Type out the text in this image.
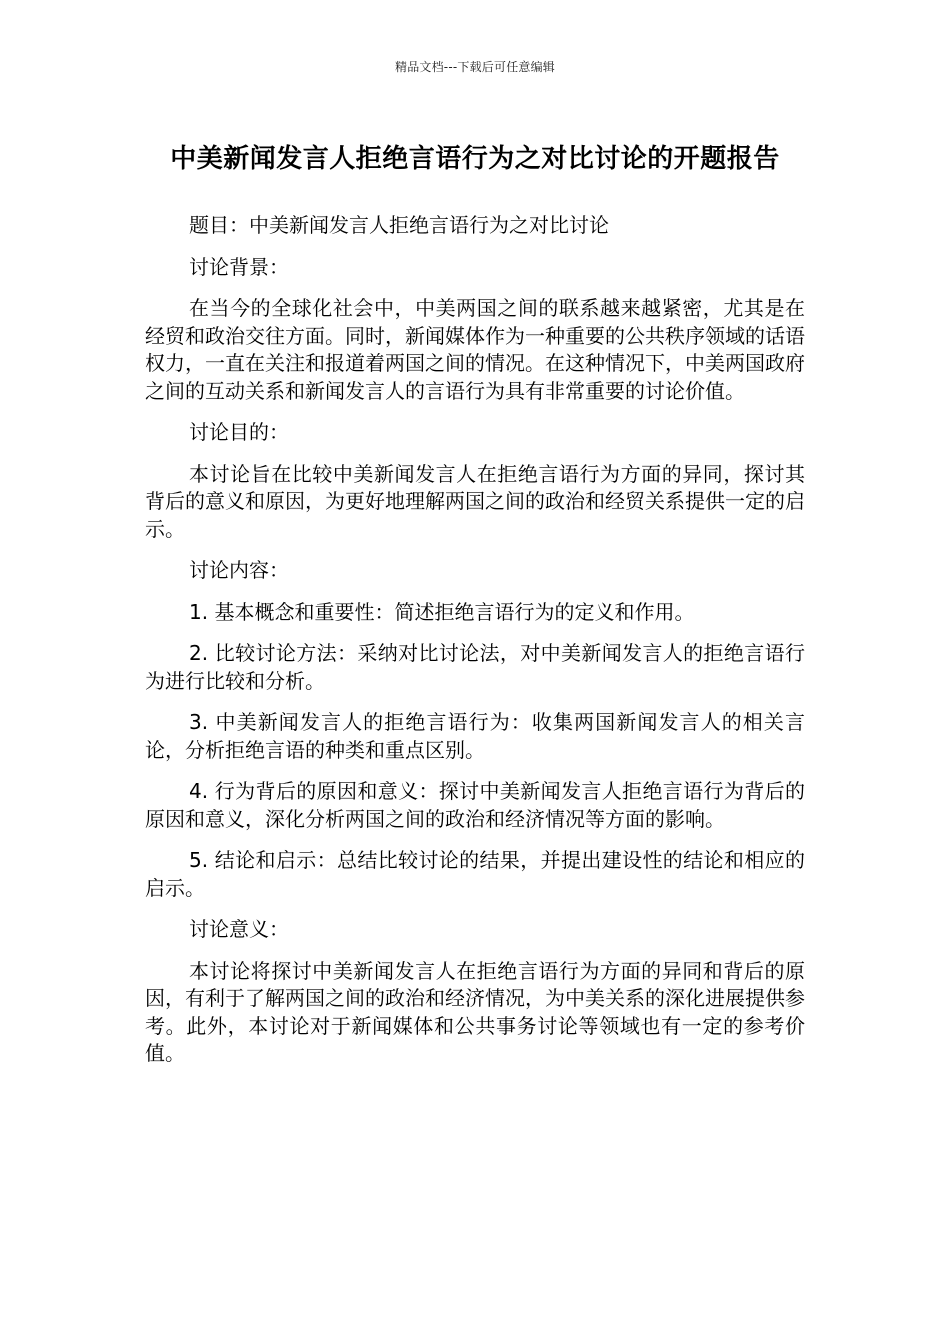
精品文档---下载后可任意编辑
中美新闻发言人拒绝言语行为之对比讨论的开题报告

题目：中美新闻发言人拒绝言语行为之对比讨论

讨论背景：

在当今的全球化社会中，中美两国之间的联系越来越紧密，尤其是在经贸和政治交往方面。同时，新闻媒体作为一种重要的公共秩序领域的话语权力，一直在关注和报道着两国之间的情况。在这种情况下，中美两国政府之间的互动关系和新闻发言人的言语行为具有非常重要的讨论价值。

讨论目的：

本讨论旨在比较中美新闻发言人在拒绝言语行为方面的异同，探讨其背后的意义和原因，为更好地理解两国之间的政治和经贸关系提供一定的启示。

讨论内容：

1. 基本概念和重要性：简述拒绝言语行为的定义和作用。

2. 比较讨论方法：采纳对比讨论法，对中美新闻发言人的拒绝言语行为进行比较和分析。

3. 中美新闻发言人的拒绝言语行为：收集两国新闻发言人的相关言论，分析拒绝言语的种类和重点区别。

4. 行为背后的原因和意义：探讨中美新闻发言人拒绝言语行为背后的原因和意义，深化分析两国之间的政治和经济情况等方面的影响。

5. 结论和启示：总结比较讨论的结果，并提出建设性的结论和相应的启示。

讨论意义：

本讨论将探讨中美新闻发言人在拒绝言语行为方面的异同和背后的原因，有利于了解两国之间的政治和经济情况，为中美关系的深化进展提供参考。此外，本讨论对于新闻媒体和公共事务讨论等领域也有一定的参考价值。
